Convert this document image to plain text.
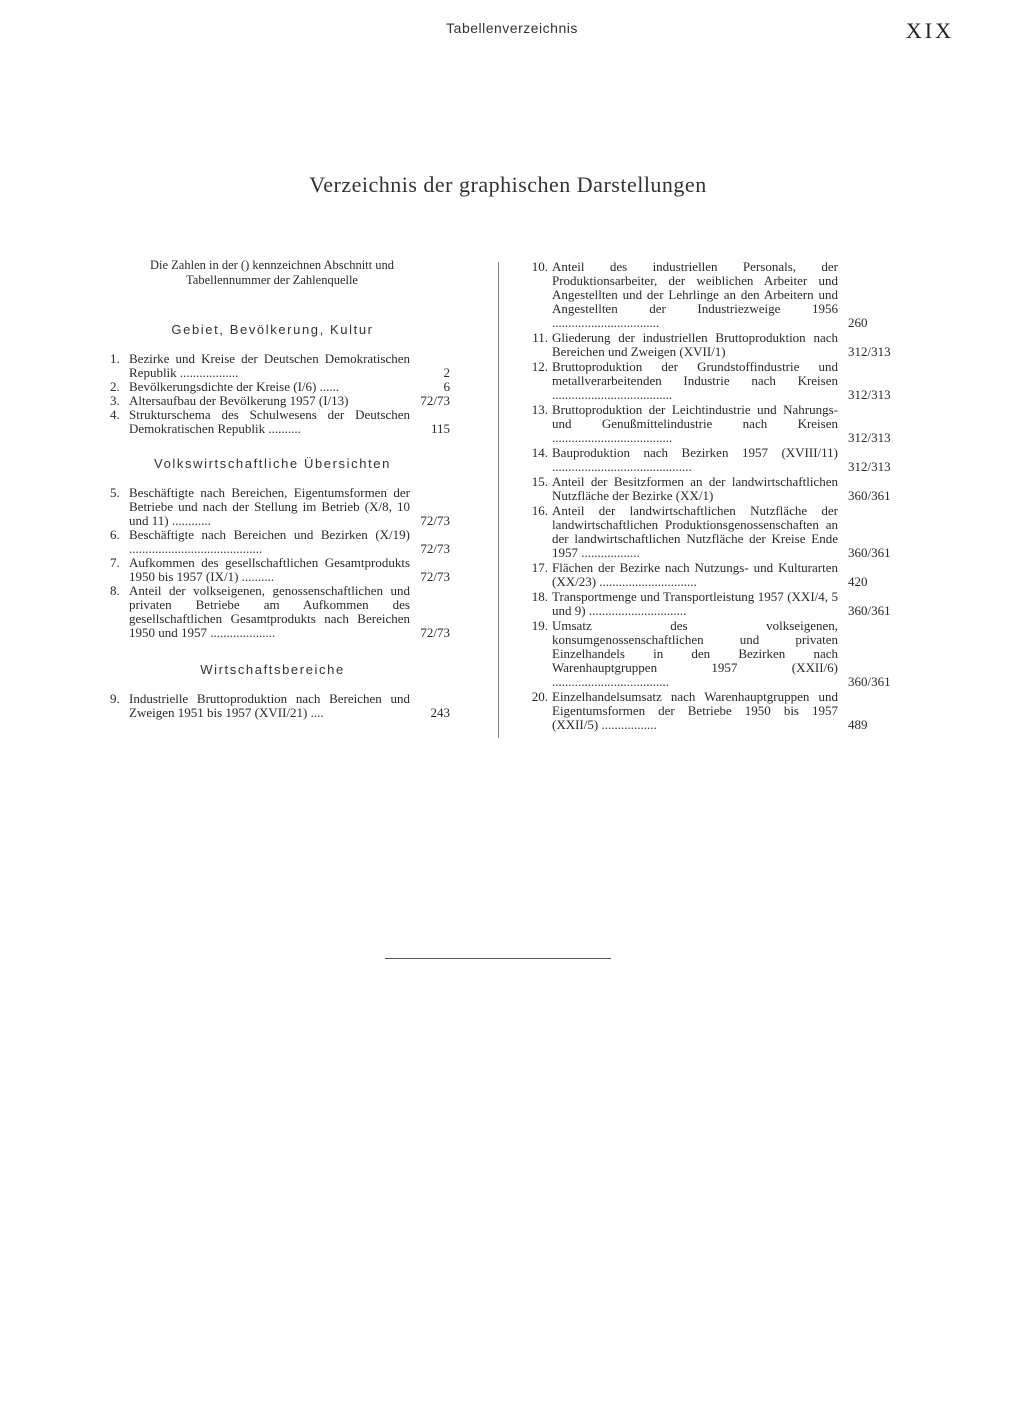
Tabellenverzeichnis	XIX
Verzeichnis der graphischen Darstellungen

Die Zahlen in der () kennzeichnen Abschnitt und Tabellennummer der Zahlenquelle

Gebiet, Bevölkerung, Kultur
1. Bezirke und Kreise der Deutschen Demokratischen Republik ..................	2
2. Bevölkerungsdichte der Kreise (I/6) ......	6
3. Altersaufbau der Bevölkerung 1957 (I/13)	72/73
4. Strukturschema des Schulwesens der Deutschen Demokratischen Republik ..........	115
Volkswirtschaftliche Übersichten
5. Beschäftigte nach Bereichen, Eigentumsformen der Betriebe und nach der Stellung im Betrieb (X/8, 10 und 11) ............	72/73
6. Beschäftigte nach Bereichen und Bezirken (X/19) .........................................	72/73
7. Aufkommen des gesellschaftlichen Gesamtprodukts 1950 bis 1957 (IX/1) ..........	72/73
8. Anteil der volkseigenen, genossenschaftlichen und privaten Betriebe am Aufkommen des gesellschaftlichen Gesamtprodukts nach Bereichen 1950 und 1957 ....................	72/73
Wirtschaftsbereiche
9. Industrielle Bruttoproduktion nach Bereichen und Zweigen 1951 bis 1957 (XVII/21) ....	243
10. Anteil des industriellen Personals, der Produktionsarbeiter, der weiblichen Arbeiter und Angestellten und der Lehrlinge an den Arbeitern und Angestellten der Industriezweige 1956 .................................	260
11. Gliederung der industriellen Bruttoproduktion nach Bereichen und Zweigen (XVII/1)	312/313
12. Bruttoproduktion der Grundstoffindustrie und metallverarbeitenden Industrie nach Kreisen .....................................	312/313
13. Bruttoproduktion der Leichtindustrie und Nahrungs- und Genußmittelindustrie nach Kreisen .....................................	312/313
14. Bauproduktion nach Bezirken 1957 (XVIII/11) ...........................................	312/313
15. Anteil der Besitzformen an der landwirtschaftlichen Nutzfläche der Bezirke (XX/1)	360/361
16. Anteil der landwirtschaftlichen Nutzfläche der landwirtschaftlichen Produktionsgenossenschaften an der landwirtschaftlichen Nutzfläche der Kreise Ende 1957 ..................	360/361
17. Flächen der Bezirke nach Nutzungs- und Kulturarten (XX/23) ..............................	420
18. Transportmenge und Transportleistung 1957 (XXI/4, 5 und 9) ..............................	360/361
19. Umsatz des volkseigenen, konsumgenossenschaftlichen und privaten Einzelhandels in den Bezirken nach Warenhauptgruppen 1957 (XXII/6) ....................................	360/361
20. Einzelhandelsumsatz nach Warenhauptgruppen und Eigentumsformen der Betriebe 1950 bis 1957 (XXII/5) .................	489
